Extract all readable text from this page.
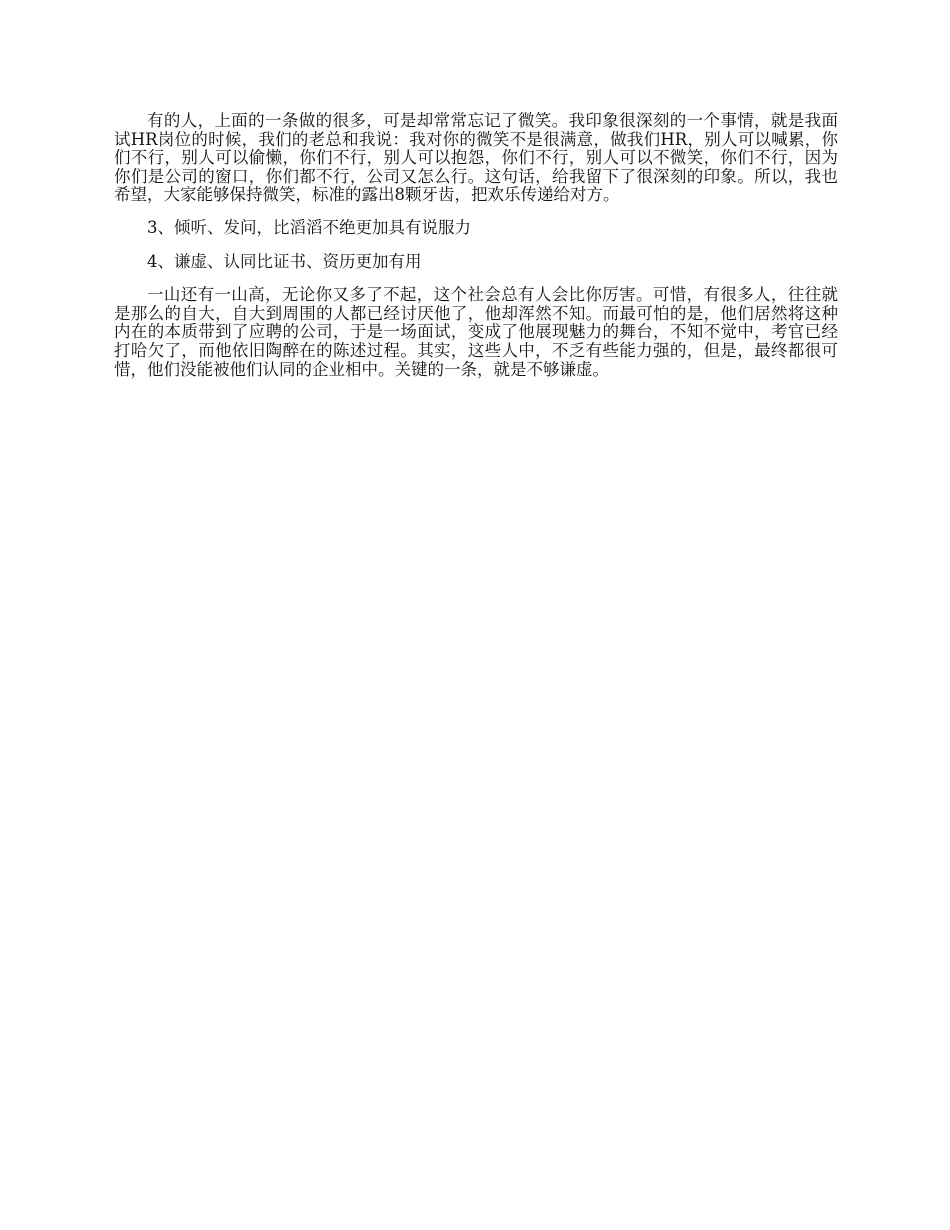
有的人，上面的一条做的很多，可是却常常忘记了微笑。我印象很深刻的一个事情，就是我面试HR岗位的时候，我们的老总和我说：我对你的微笑不是很满意，做我们HR，别人可以喊累，你们不行，别人可以偷懒，你们不行，别人可以抱怨，你们不行，别人可以不微笑，你们不行，因为你们是公司的窗口，你们都不行，公司又怎么行。这句话，给我留下了很深刻的印象。所以，我也希望，大家能够保持微笑，标准的露出8颗牙齿，把欢乐传递给对方。

3、倾听、发问，比滔滔不绝更加具有说服力

4、谦虚、认同比证书、资历更加有用

一山还有一山高，无论你又多了不起，这个社会总有人会比你厉害。可惜，有很多人，往往就是那么的自大，自大到周围的人都已经讨厌他了，他却浑然不知。而最可怕的是，他们居然将这种内在的本质带到了应聘的公司，于是一场面试，变成了他展现魅力的舞台，不知不觉中，考官已经打哈欠了，而他依旧陶醉在的陈述过程。其实，这些人中，不乏有些能力强的，但是，最终都很可惜，他们没能被他们认同的企业相中。关键的一条，就是不够谦虚。
